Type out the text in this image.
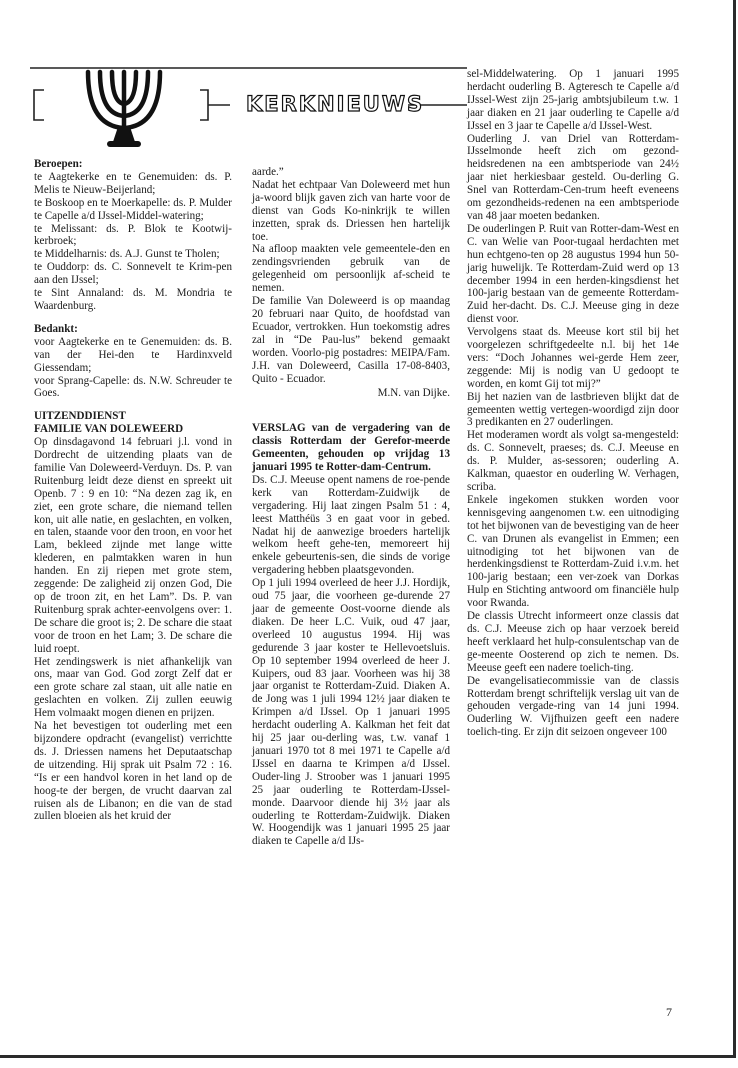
KERKNIEUWS

Beroepen:

te Aagtekerke en te Genemuiden: ds. P. Melis te Nieuw-Beijerland;

te Boskoop en te Moerkapelle: ds. P. Mulder te Capelle a/d IJssel-Middel-watering;

te Melissant: ds. P. Blok te Kootwij-kerbroek;

te Middelharnis: ds. A.J. Gunst te Tholen;

te Ouddorp: ds. C. Sonnevelt te Krim-pen aan den IJssel;

te Sint Annaland: ds. M. Mondria te Waardenburg.

Bedankt:

voor Aagtekerke en te Genemuiden: ds. B. van der Hei-den te Hardinxveld Giessendam;

voor Sprang-Capelle: ds. N.W. Schreuder te Goes.

UITZENDDIENST

FAMILIE VAN DOLEWEERD

Op dinsdagavond 14 februari j.l. vond in Dordrecht de uitzending plaats van de familie Van Doleweerd-Verduyn. Ds. P. van Ruitenburg leidt deze dienst en spreekt uit Openb. 7 : 9 en 10: “Na dezen zag ik, en ziet, een grote schare, die niemand tellen kon, uit alle natie, en geslachten, en volken, en talen, staande voor den troon, en voor het Lam, bekleed zijnde met lange witte klederen, en palmtakken waren in hun handen. En zij riepen met grote stem, zeggende: De zaligheid zij onzen God, Die op de troon zit, en het Lam”. Ds. P. van Ruitenburg sprak achter-eenvolgens over: 1. De schare die groot is; 2. De schare die staat voor de troon en het Lam; 3. De schare die luid roept.

Het zendingswerk is niet afhankelijk van ons, maar van God. God zorgt Zelf dat er een grote schare zal staan, uit alle natie en geslachten en volken. Zij zullen eeuwig Hem volmaakt mogen dienen en prijzen.

Na het bevestigen tot ouderling met een bijzondere opdracht (evangelist) verrichtte ds. J. Driessen namens het Deputaatschap de uitzending. Hij sprak uit Psalm 72 : 16. “Is er een handvol koren in het land op de hoog-te der bergen, de vrucht daarvan zal ruisen als de Libanon; en die van de stad zullen bloeien als het kruid der

aarde.”

Nadat het echtpaar Van Doleweerd met hun ja-woord blijk gaven zich van harte voor de dienst van Gods Ko-ninkrijk te willen inzetten, sprak ds. Driessen hen hartelijk toe.

Na afloop maakten vele gemeentele-den en zendingsvrienden gebruik van de gelegenheid om persoonlijk af-scheid te nemen.

De familie Van Doleweerd is op maandag 20 februari naar Quito, de hoofdstad van Ecuador, vertrokken. Hun toekomstig adres zal in “De Pau-lus” bekend gemaakt worden. Voorlo-pig postadres: MEIPA/Fam. J.H. van Doleweerd, Casilla 17-08-8403, Quito - Ecuador.

M.N. van Dijke.

VERSLAG van de vergadering van de classis Rotterdam der Gerefor-meerde Gemeenten, gehouden op vrijdag 13 januari 1995 te Rotter-dam-Centrum.

Ds. C.J. Meeuse opent namens de roe-pende kerk van Rotterdam-Zuidwijk de vergadering. Hij laat zingen Psalm 51 : 4, leest Matthéüs 3 en gaat voor in gebed. Nadat hij de aanwezige broeders hartelijk welkom heeft gehe-ten, memoreert hij enkele gebeurtenis-sen, die sinds de vorige vergadering hebben plaatsgevonden.

Op 1 juli 1994 overleed de heer J.J. Hordijk, oud 75 jaar, die voorheen ge-durende 27 jaar de gemeente Oost-voorne diende als diaken. De heer L.C. Vuik, oud 47 jaar, overleed 10 augustus 1994. Hij was gedurende 3 jaar koster te Hellevoetsluis. Op 10 september 1994 overleed de heer J. Kuipers, oud 83 jaar. Voorheen was hij 38 jaar organist te Rotterdam-Zuid. Diaken A. de Jong was 1 juli 1994 12½ jaar diaken te Krimpen a/d IJssel. Op 1 januari 1995 herdacht ouderling A. Kalkman het feit dat hij 25 jaar ou-derling was, t.w. vanaf 1 januari 1970 tot 8 mei 1971 te Capelle a/d IJssel en daarna te Krimpen a/d IJssel. Ouder-ling J. Stroober was 1 januari 1995 25 jaar ouderling te Rotterdam-IJssel-monde. Daarvoor diende hij 3½ jaar als ouderling te Rotterdam-Zuidwijk. Diaken W. Hoogendijk was 1 januari 1995 25 jaar diaken te Capelle a/d IJs-

sel-Middelwatering. Op 1 januari 1995 herdacht ouderling B. Agteresch te Capelle a/d IJssel-West zijn 25-jarig ambtsjubileum t.w. 1 jaar diaken en 21 jaar ouderling te Capelle a/d IJssel en 3 jaar te Capelle a/d IJssel-West.

Ouderling J. van Driel van Rotterdam-IJsselmonde heeft zich om gezond-heidsredenen na een ambtsperiode van 24½ jaar niet herkiesbaar gesteld. Ou-derling G. Snel van Rotterdam-Cen-trum heeft eveneens om gezondheids-redenen na een ambtsperiode van 48 jaar moeten bedanken.

De ouderlingen P. Ruit van Rotter-dam-West en C. van Welie van Poor-tugaal herdachten met hun echtgeno-ten op 28 augustus 1994 hun 50-jarig huwelijk. Te Rotterdam-Zuid werd op 13 december 1994 in een herden-kingsdienst het 100-jarig bestaan van de gemeente Rotterdam-Zuid her-dacht. Ds. C.J. Meeuse ging in deze dienst voor.

Vervolgens staat ds. Meeuse kort stil bij het voorgelezen schriftgedeelte n.l. bij het 14e vers: “Doch Johannes wei-gerde Hem zeer, zeggende: Mij is nodig van U gedoopt te worden, en komt Gij tot mij?”

Bij het nazien van de lastbrieven blijkt dat de gemeenten wettig vertegen-woordigd zijn door 3 predikanten en 27 ouderlingen.

Het moderamen wordt als volgt sa-mengesteld: ds. C. Sonnevelt, praeses; ds. C.J. Meeuse en ds. P. Mulder, as-sessoren; ouderling A. Kalkman, quaestor en ouderling W. Verhagen, scriba.

Enkele ingekomen stukken worden voor kennisgeving aangenomen t.w. een uitnodiging tot het bijwonen van de bevestiging van de heer C. van Drunen als evangelist in Emmen; een uitnodiging tot het bijwonen van de herdenkingsdienst te Rotterdam-Zuid i.v.m. het 100-jarig bestaan; een ver-zoek van Dorkas Hulp en Stichting antwoord om financiële hulp voor Rwanda.

De classis Utrecht informeert onze classis dat ds. C.J. Meeuse zich op haar verzoek bereid heeft verklaard het hulp-consulentschap van de ge-meente Oosterend op zich te nemen. Ds. Meeuse geeft een nadere toelich-ting.

De evangelisatiecommissie van de classis Rotterdam brengt schriftelijk verslag uit van de gehouden vergade-ring van 14 juni 1994. Ouderling W. Vijfhuizen geeft een nadere toelich-ting. Er zijn dit seizoen ongeveer 100

7
